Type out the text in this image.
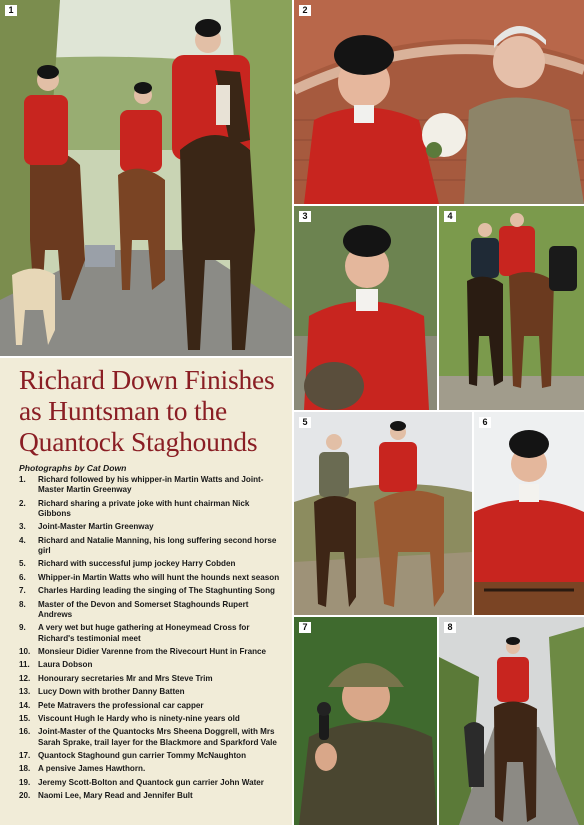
1	2
3	4
5	6
7	8
Richard Down Finishes as Huntsman to the Quantock Staghounds
Photographs by Cat Down
1.	Richard followed by his whipper-in Martin Watts and Joint-Master Martin Greenway
2.	Richard sharing a private joke with hunt chairman Nick Gibbons
3.	Joint-Master Martin Greenway
4.	Richard and Natalie Manning, his long suffering second horse girl
5.	Richard with successful jump jockey Harry Cobden
6.	Whipper-in Martin Watts who will hunt the hounds next season
7.	Charles Harding leading the singing of The Staghunting Song
8.	Master of the Devon and Somerset Staghounds Rupert Andrews
9.	A very wet but huge gathering at Honeymead Cross for Richard's testimonial meet
10. Monsieur Didier Varenne from the Rivecourt Hunt in France
11.	Laura Dobson
12. Honourary secretaries Mr and Mrs Steve Trim
13. Lucy Down with brother Danny Batten
14. Pete Matravers the professional car capper
15. Viscount Hugh le Hardy who is ninety-nine years old
16. Joint-Master of the Quantocks Mrs Sheena Doggrell, with Mrs Sarah Sprake, trail layer for the Blackmore and Sparkford Vale
17. Quantock Staghound gun carrier Tommy McNaughton
18. A pensive James Hawthorn.
19. Jeremy Scott-Bolton and Quantock gun carrier John Water
20. Naomi Lee, Mary Read and Jennifer Bult
